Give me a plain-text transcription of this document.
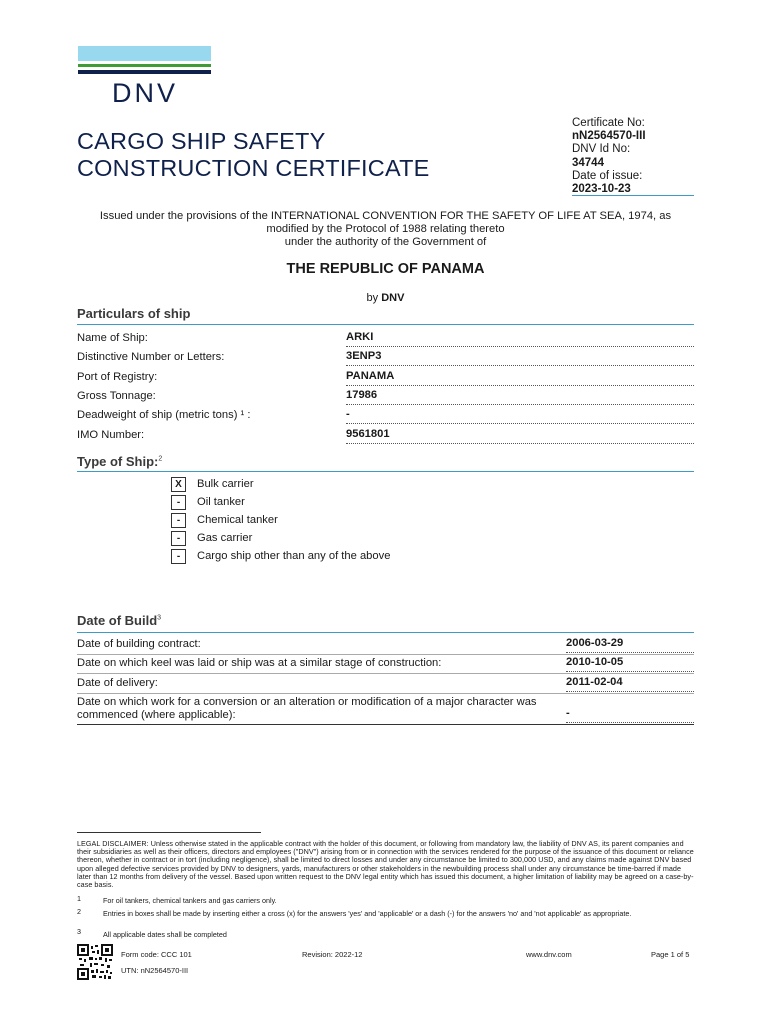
DNV
CARGO SHIP SAFETY
CONSTRUCTION CERTIFICATE
Certificate No:
nN2564570-III
DNV Id No:
34744
Date of issue:
2023-10-23
Issued under the provisions of the INTERNATIONAL CONVENTION FOR THE SAFETY OF LIFE AT SEA, 1974, as
modified by the Protocol of 1988 relating thereto
under the authority of the Government of
THE REPUBLIC OF PANAMA
by DNV
Particulars of ship
Name of Ship:	ARKI
Distinctive Number or Letters:	3ENP3
Port of Registry:	PANAMA
Gross Tonnage:	17986
Deadweight of ship (metric tons) ¹ :	-
IMO Number:	9561801
Type of Ship:$^2$
X	Bulk carrier
-	Oil tanker
-	Chemical tanker
-	Gas carrier
-	Cargo ship other than any of the above
Date of Build$^3$
Date of building contract:	2006-03-29
Date on which keel was laid or ship was at a similar stage of construction:	2010-10-05
Date of delivery:	2011-02-04
Date on which work for a conversion or an alteration or modification of a major character was
commenced (where applicable):	-
LEGAL DISCLAIMER: Unless otherwise stated in the applicable contract with the holder of this document, or following from mandatory law, the liability of DNV AS, its parent companies and their subsidiaries as well as their officers, directors and employees ("DNV") arising from or in connection with the services rendered for the purpose of the issuance of this document or reliance thereon, whether in contract or in tort (including negligence), shall be limited to direct losses and under any circumstance be limited to 300,000 USD, and any claims made against DNV based upon alleged defective services provided by DNV to designers, yards, manufacturers or other stakeholders in the newbuilding process shall under any circumstance be time-barred if made later than 12 months from delivery of the vessel. Based upon written request to the DNV legal entity which has issued this document, a higher limitation of liability may be agreed on a case-by-case basis.
1	For oil tankers, chemical tankers and gas carriers only.
2	Entries in boxes shall be made by inserting either a cross (x) for the answers 'yes' and 'applicable' or a dash (-) for the answers 'no' and 'not applicable' as appropriate.
3	All applicable dates shall be completed
Form code: CCC 101
UTN: nN2564570-III
Revision: 2022-12	www.dnv.com	Page 1 of 5
